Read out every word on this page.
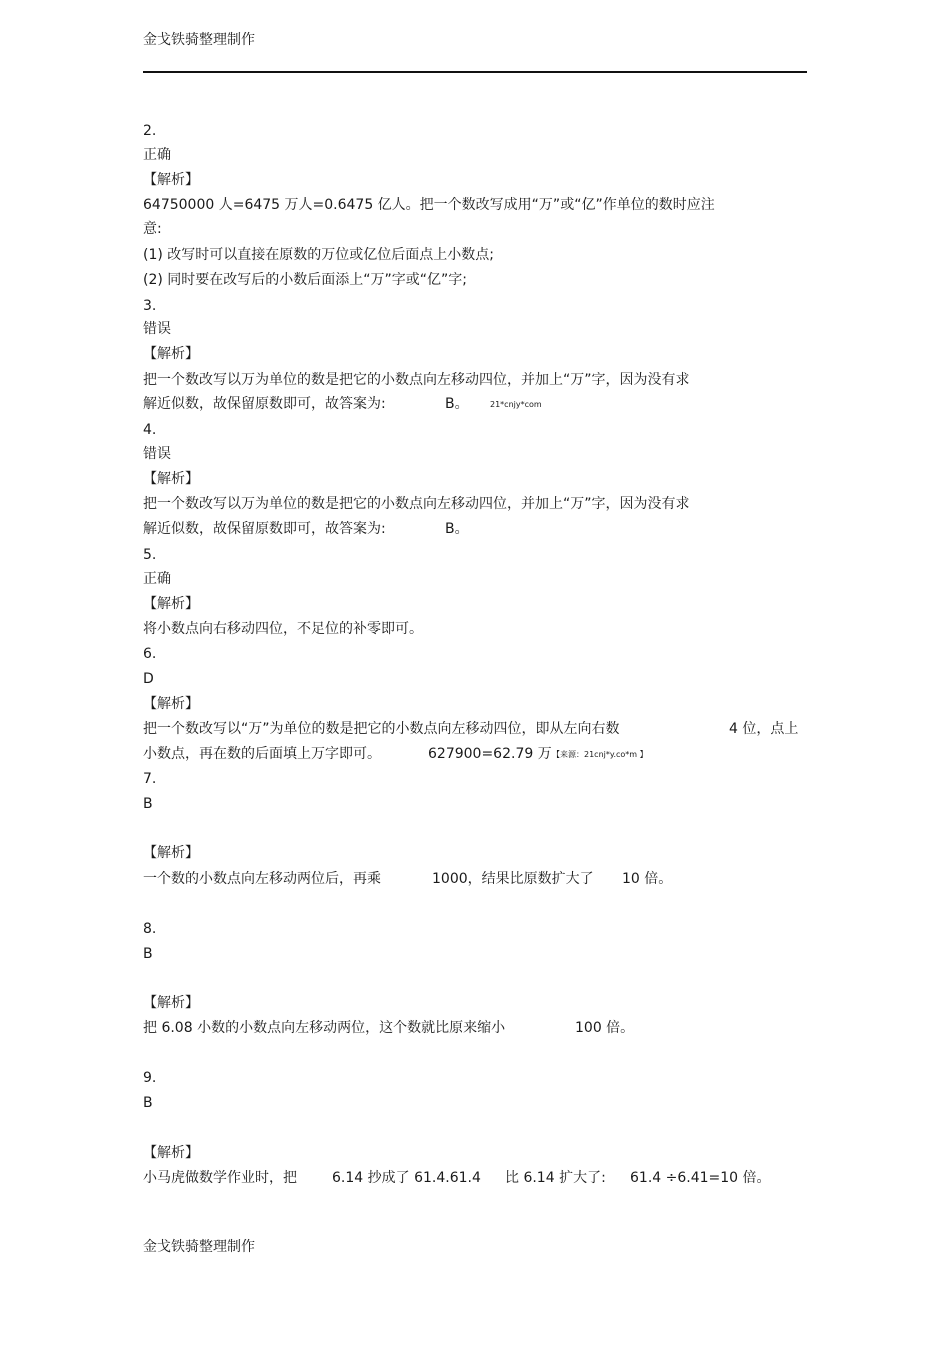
金戈铁骑整理制作
2.
正确
【解析】
64750000 人=6475 万人=0.6475 亿人。把一个数改写成用“万”或“亿”作单位的数时应注
意:
(1) 改写时可以直接在原数的万位或亿位后面点上小数点;
(2) 同时要在改写后的小数后面添上“万”字或“亿”字;
3.
错误
【解析】
把一个数改写以万为单位的数是把它的小数点向左移动四位，并加上“万”字，因为没有求
解近似数，故保留原数即可，故答案为:	B。	21*cnjy*com
4.
错误
【解析】
把一个数改写以万为单位的数是把它的小数点向左移动四位，并加上“万”字，因为没有求
解近似数，故保留原数即可，故答案为:	B。
5.
正确
【解析】
将小数点向右移动四位，不足位的补零即可。
6.
D
【解析】
把一个数改写以“万”为单位的数是把它的小数点向左移动四位，即从左向右数	4 位，点上
小数点，再在数的后面填上万字即可。	627900=62.79 万 【来源：21cnj*y.co*m 】
7.
B
【解析】
一个数的小数点向左移动两位后，再乘	1000，结果比原数扩大了 10 倍。
8.
B
【解析】
把 6.08 小数的小数点向左移动两位，这个数就比原来缩小	100 倍。
9.
B
【解析】
小马虎做数学作业时，把	6.14 抄成了 61.4.61.4 比 6.14 扩大了: 61.4 ÷6.41=10 倍。
金戈铁骑整理制作
